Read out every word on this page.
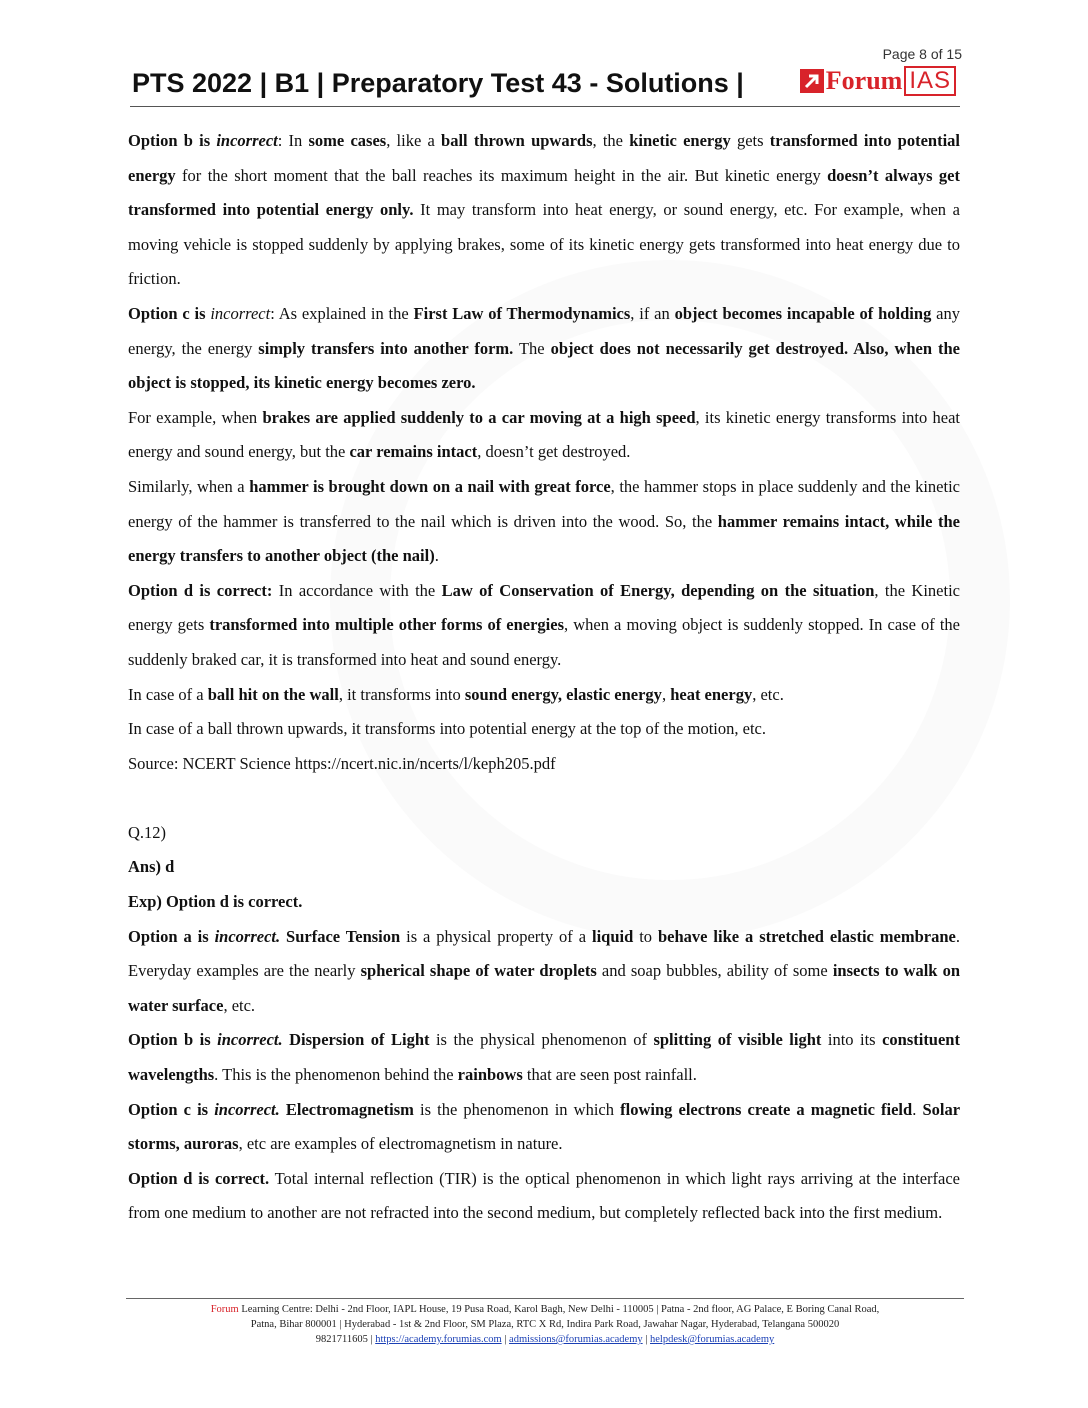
Page 8 of 15
PTS 2022 | B1 | Preparatory Test 43 - Solutions |	Forum IAS

Option b is incorrect: In some cases, like a ball thrown upwards, the kinetic energy gets transformed into potential energy for the short moment that the ball reaches its maximum height in the air. But kinetic energy doesn’t always get transformed into potential energy only. It may transform into heat energy, or sound energy, etc. For example, when a moving vehicle is stopped suddenly by applying brakes, some of its kinetic energy gets transformed into heat energy due to friction.

Option c is incorrect: As explained in the First Law of Thermodynamics, if an object becomes incapable of holding any energy, the energy simply transfers into another form. The object does not necessarily get destroyed. Also, when the object is stopped, its kinetic energy becomes zero.

For example, when brakes are applied suddenly to a car moving at a high speed, its kinetic energy transforms into heat energy and sound energy, but the car remains intact, doesn’t get destroyed.

Similarly, when a hammer is brought down on a nail with great force, the hammer stops in place suddenly and the kinetic energy of the hammer is transferred to the nail which is driven into the wood. So, the hammer remains intact, while the energy transfers to another object (the nail).

Option d is correct: In accordance with the Law of Conservation of Energy, depending on the situation, the Kinetic energy gets transformed into multiple other forms of energies, when a moving object is suddenly stopped. In case of the suddenly braked car, it is transformed into heat and sound energy.

In case of a ball hit on the wall, it transforms into sound energy, elastic energy, heat energy, etc.

In case of a ball thrown upwards, it transforms into potential energy at the top of the motion, etc.

Source: NCERT Science https://ncert.nic.in/ncerts/l/keph205.pdf

Q.12)

Ans) d

Exp) Option d is correct.

Option a is incorrect. Surface Tension is a physical property of a liquid to behave like a stretched elastic membrane. Everyday examples are the nearly spherical shape of water droplets and soap bubbles, ability of some insects to walk on water surface, etc.

Option b is incorrect. Dispersion of Light is the physical phenomenon of splitting of visible light into its constituent wavelengths. This is the phenomenon behind the rainbows that are seen post rainfall.

Option c is incorrect. Electromagnetism is the phenomenon in which flowing electrons create a magnetic field. Solar storms, auroras, etc are examples of electromagnetism in nature.

Option d is correct. Total internal reflection (TIR) is the optical phenomenon in which light rays arriving at the interface from one medium to another are not refracted into the second medium, but completely reflected back into the first medium.

Forum Learning Centre: Delhi - 2nd Floor, IAPL House, 19 Pusa Road, Karol Bagh, New Delhi - 110005 | Patna - 2nd floor, AG Palace, E Boring Canal Road,
Patna, Bihar 800001 | Hyderabad - 1st & 2nd Floor, SM Plaza, RTC X Rd, Indira Park Road, Jawahar Nagar, Hyderabad, Telangana 500020
9821711605 | https://academy.forumias.com | admissions@forumias.academy | helpdesk@forumias.academy
